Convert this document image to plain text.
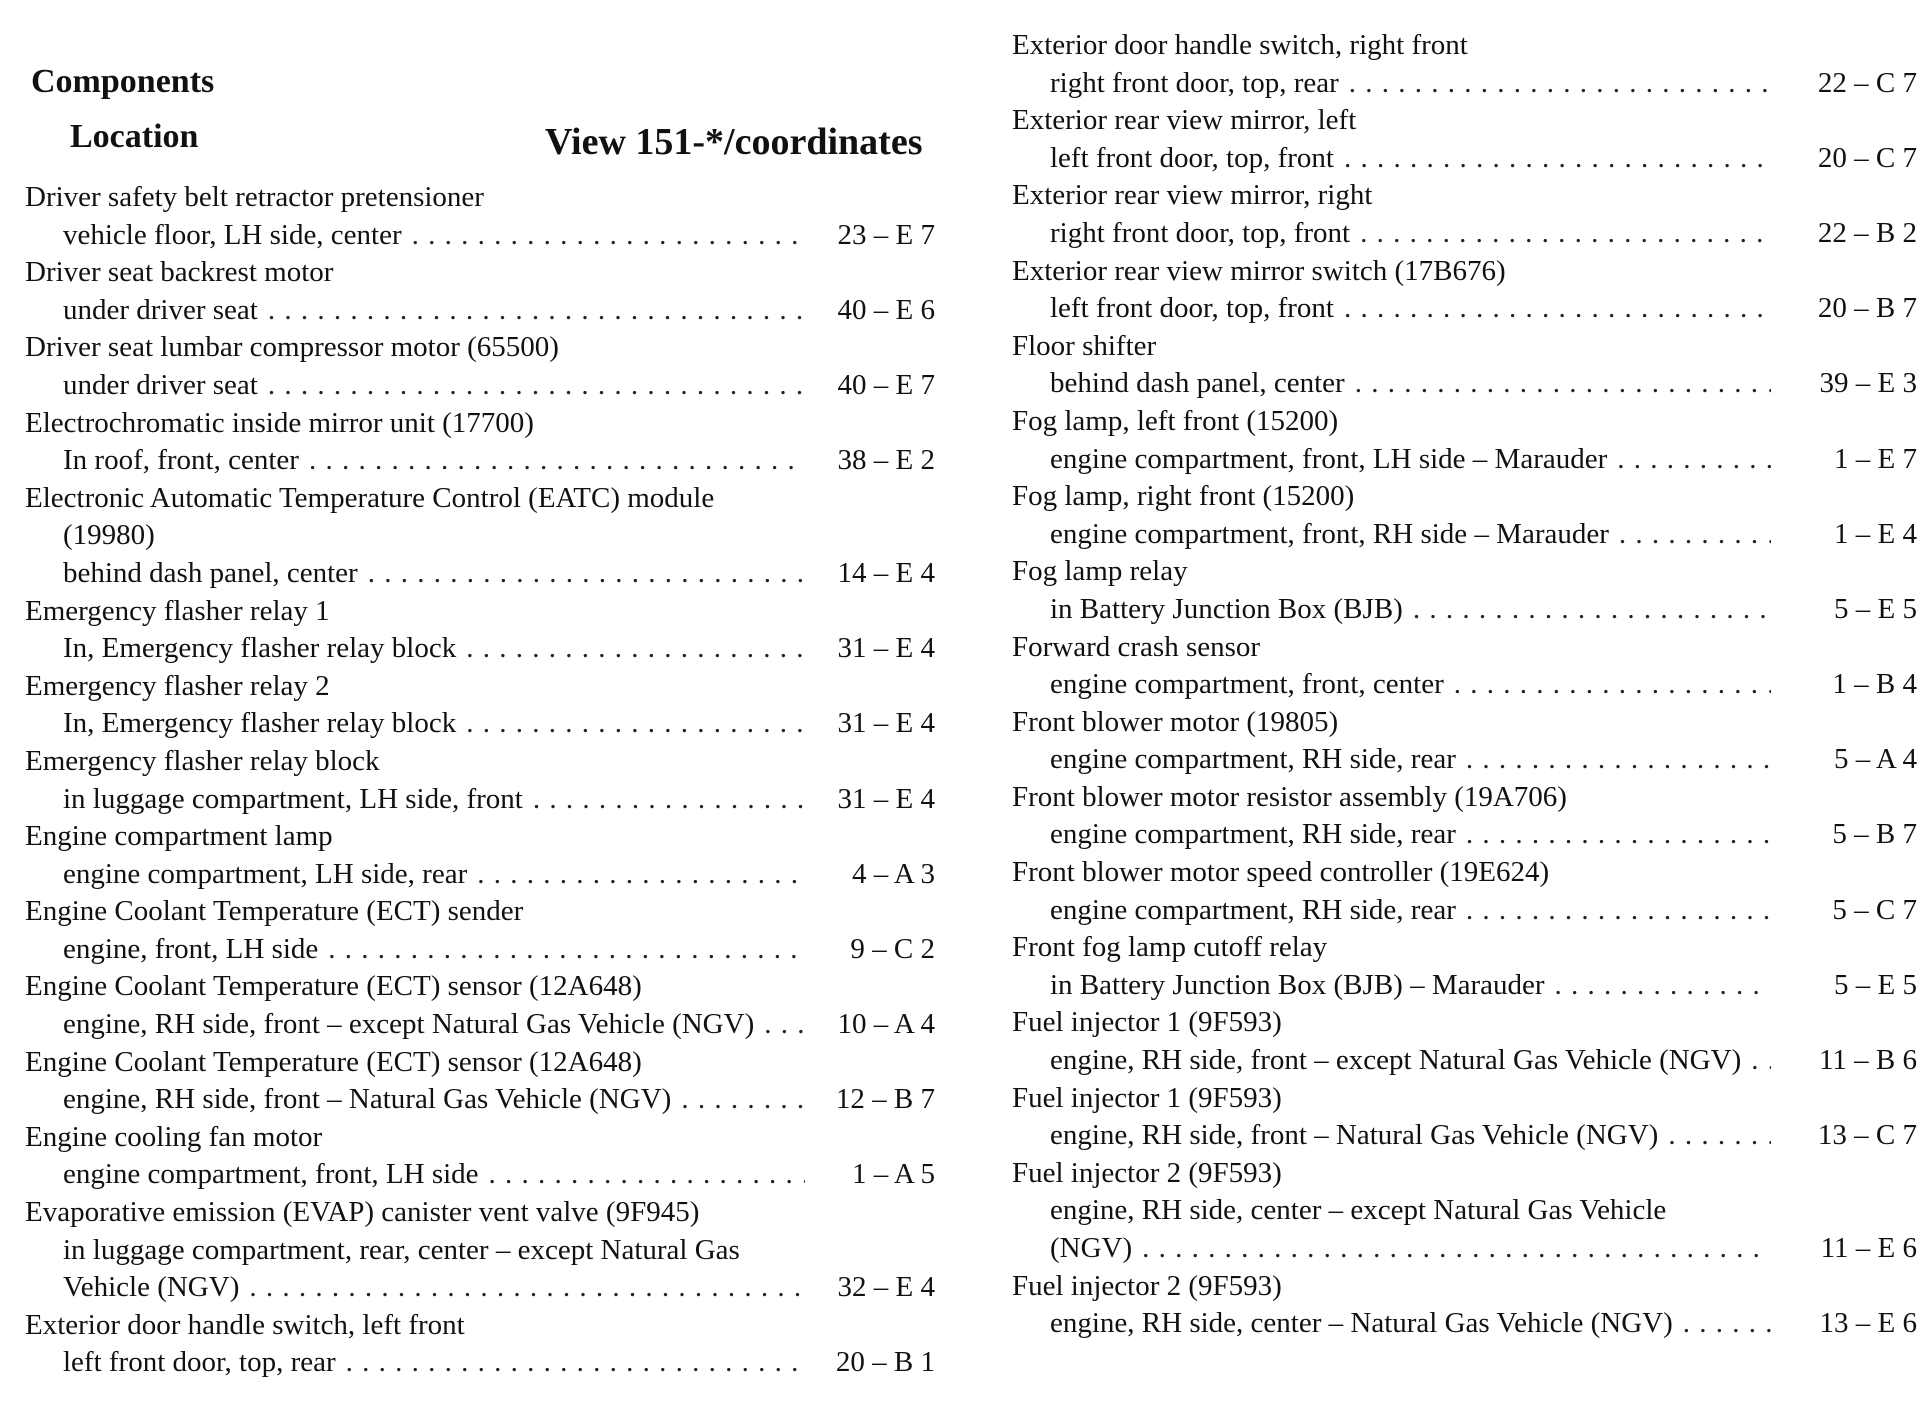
Components
Location	View 151-*/coordinates
Driver safety belt retractor pretensioner
vehicle floor, LH side, center . . .	23 – E 7
Driver seat backrest motor
under driver seat . . .	40 – E 6
Driver seat lumbar compressor motor (65500)
under driver seat . . .	40 – E 7
Electrochromatic inside mirror unit (17700)
In roof, front, center . . .	38 – E 2
Electronic Automatic Temperature Control (EATC) module
(19980)
behind dash panel, center . . .	14 – E 4
Emergency flasher relay 1
In, Emergency flasher relay block . . .	31 – E 4
Emergency flasher relay 2
In, Emergency flasher relay block . . .	31 – E 4
Emergency flasher relay block
in luggage compartment, LH side, front . . .	31 – E 4
Engine compartment lamp
engine compartment, LH side, rear . . .	4 – A 3
Engine Coolant Temperature (ECT) sender
engine, front, LH side . . .	9 – C 2
Engine Coolant Temperature (ECT) sensor (12A648)
engine, RH side, front – except Natural Gas Vehicle (NGV) . . .	10 – A 4
Engine Coolant Temperature (ECT) sensor (12A648)
engine, RH side, front – Natural Gas Vehicle (NGV) . . .	12 – B 7
Engine cooling fan motor
engine compartment, front, LH side . . .	1 – A 5
Evaporative emission (EVAP) canister vent valve (9F945)
in luggage compartment, rear, center – except Natural Gas
Vehicle (NGV) . . .	32 – E 4
Exterior door handle switch, left front
left front door, top, rear . . .	20 – B 1
Exterior door handle switch, right front
right front door, top, rear . . .	22 – C 7
Exterior rear view mirror, left
left front door, top, front . . .	20 – C 7
Exterior rear view mirror, right
right front door, top, front . . .	22 – B 2
Exterior rear view mirror switch (17B676)
left front door, top, front . . .	20 – B 7
Floor shifter
behind dash panel, center . . .	39 – E 3
Fog lamp, left front (15200)
engine compartment, front, LH side – Marauder . . .	1 – E 7
Fog lamp, right front (15200)
engine compartment, front, RH side – Marauder . . .	1 – E 4
Fog lamp relay
in Battery Junction Box (BJB) . . .	5 – E 5
Forward crash sensor
engine compartment, front, center . . .	1 – B 4
Front blower motor (19805)
engine compartment, RH side, rear . . .	5 – A 4
Front blower motor resistor assembly (19A706)
engine compartment, RH side, rear . . .	5 – B 7
Front blower motor speed controller (19E624)
engine compartment, RH side, rear . . .	5 – C 7
Front fog lamp cutoff relay
in Battery Junction Box (BJB) – Marauder . . .	5 – E 5
Fuel injector 1 (9F593)
engine, RH side, front – except Natural Gas Vehicle (NGV) . . .	11 – B 6
Fuel injector 1 (9F593)
engine, RH side, front – Natural Gas Vehicle (NGV) . . .	13 – C 7
Fuel injector 2 (9F593)
engine, RH side, center – except Natural Gas Vehicle
(NGV) . . .	11 – E 6
Fuel injector 2 (9F593)
engine, RH side, center – Natural Gas Vehicle (NGV) . . .	13 – E 6
